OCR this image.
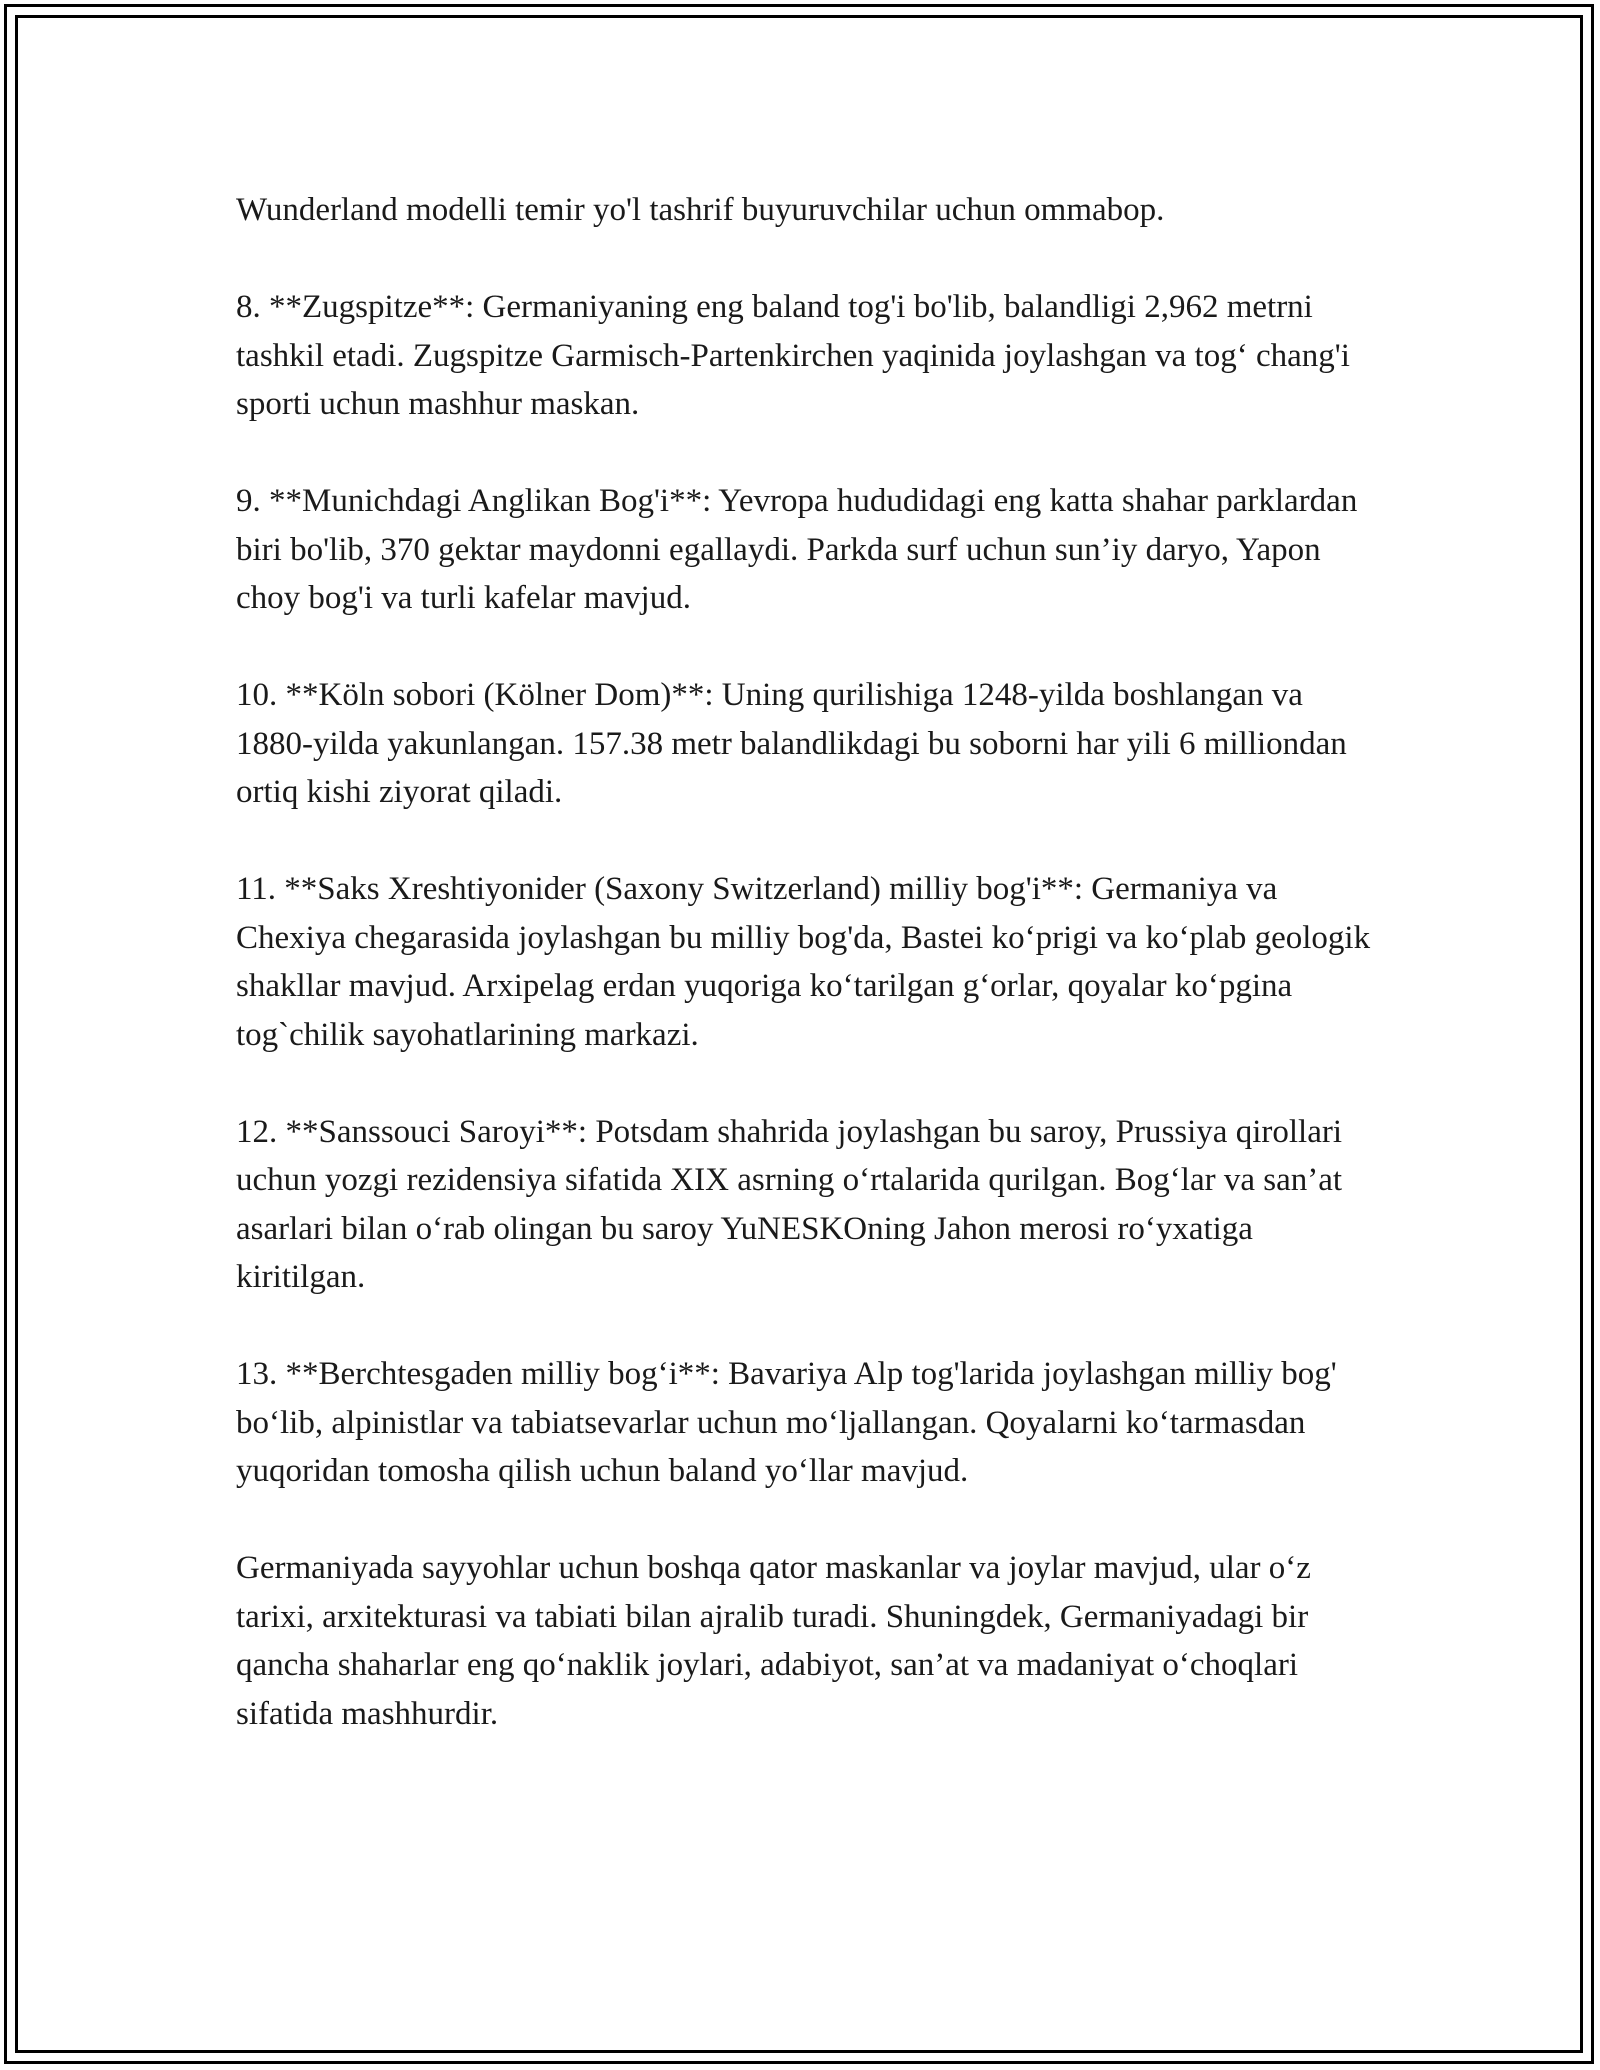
Wunderland modelli temir yo'l tashrif buyuruvchilar uchun ommabop.

8. **Zugspitze**: Germaniyaning eng baland tog'i bo'lib, balandligi 2,962 metrni tashkil etadi. Zugspitze Garmisch-Partenkirchen yaqinida joylashgan va tog‘ chang'i sporti uchun mashhur maskan.

9. **Munichdagi Anglikan Bog'i**: Yevropa hududidagi eng katta shahar parklardan biri bo'lib, 370 gektar maydonni egallaydi. Parkda surf uchun sun’iy daryo, Yapon choy bog'i va turli kafelar mavjud.

10. **Köln sobori (Kölner Dom)**: Uning qurilishiga 1248-yilda boshlangan va 1880-yilda yakunlangan. 157.38 metr balandlikdagi bu soborni har yili 6 milliondan ortiq kishi ziyorat qiladi.

11. **Saks Xreshtiyonider (Saxony Switzerland) milliy bog'i**: Germaniya va Chexiya chegarasida joylashgan bu milliy bog'da, Bastei ko‘prigi va ko‘plab geologik shakllar mavjud. Arxipelag erdan yuqoriga ko‘tarilgan g‘orlar, qoyalar ko‘pgina tog`chilik sayohatlarining markazi.

12. **Sanssouci Saroyi**: Potsdam shahrida joylashgan bu saroy, Prussiya qirollari uchun yozgi rezidensiya sifatida XIX asrning o‘rtalarida qurilgan. Bog‘lar va san’at asarlari bilan o‘rab olingan bu saroy YuNESKOning Jahon merosi ro‘yxatiga kiritilgan.

13. **Berchtesgaden milliy bog‘i**: Bavariya Alp tog'larida joylashgan milliy bog' bo‘lib, alpinistlar va tabiatsevarlar uchun mo‘ljallangan. Qoyalarni ko‘tarmasdan yuqoridan tomosha qilish uchun baland yo‘llar mavjud.

Germaniyada sayyohlar uchun boshqa qator maskanlar va joylar mavjud, ular o‘z tarixi, arxitekturasi va tabiati bilan ajralib turadi. Shuningdek, Germaniyadagi bir qancha shaharlar eng qo‘naklik joylari, adabiyot, san’at va madaniyat o‘choqlari sifatida mashhurdir.
